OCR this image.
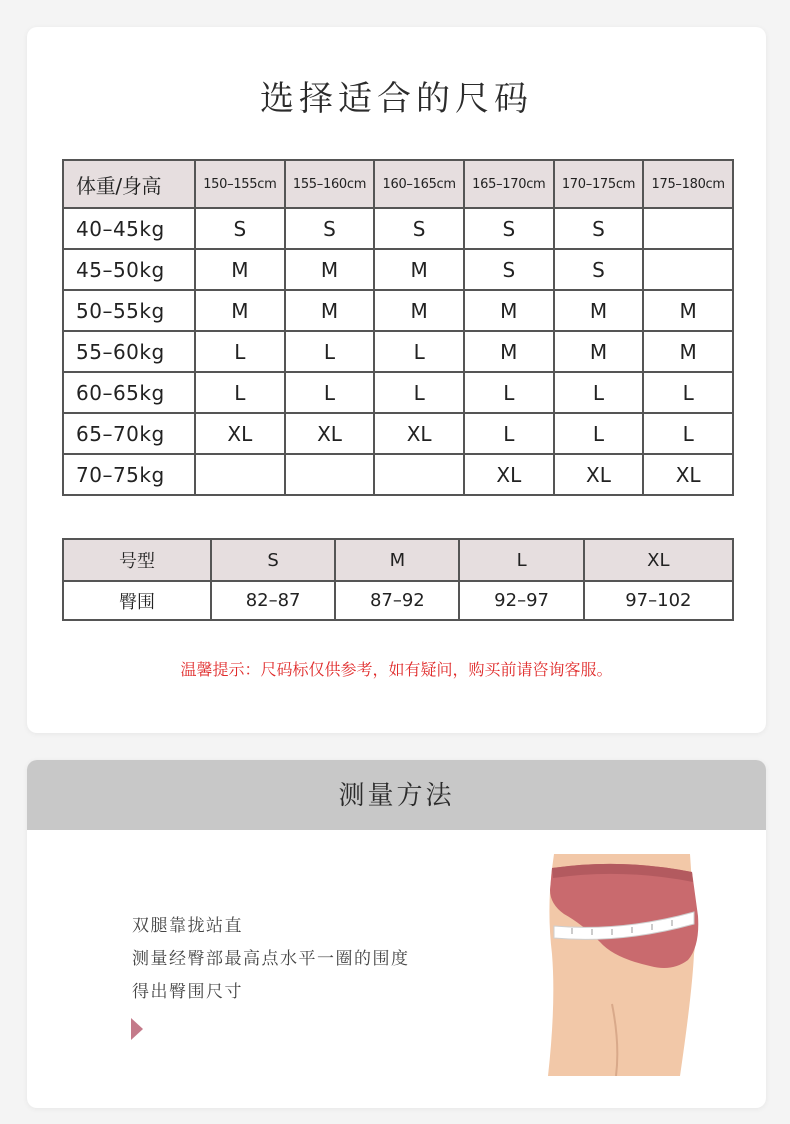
选择适合的尺码
体重/身高	150–155cm	155–160cm	160–165cm	165–170cm	170–175cm	175–180cm
40–45kg	S	S	S	S	S	
45–50kg	M	M	M	S	S	
50–55kg	M	M	M	M	M	M
55–60kg	L	L	L	M	M	M
60–65kg	L	L	L	L	L	L
65–70kg	XL	XL	XL	L	L	L
70–75kg				XL	XL	XL
号型	S	M	L	XL
臀围	82–87	87–92	92–97	97–102
温馨提示：尺码标仅供参考，如有疑问，购买前请咨询客服。
测量方法
双腿靠拢站直
测量经臀部最高点水平一圈的围度
得出臀围尺寸
